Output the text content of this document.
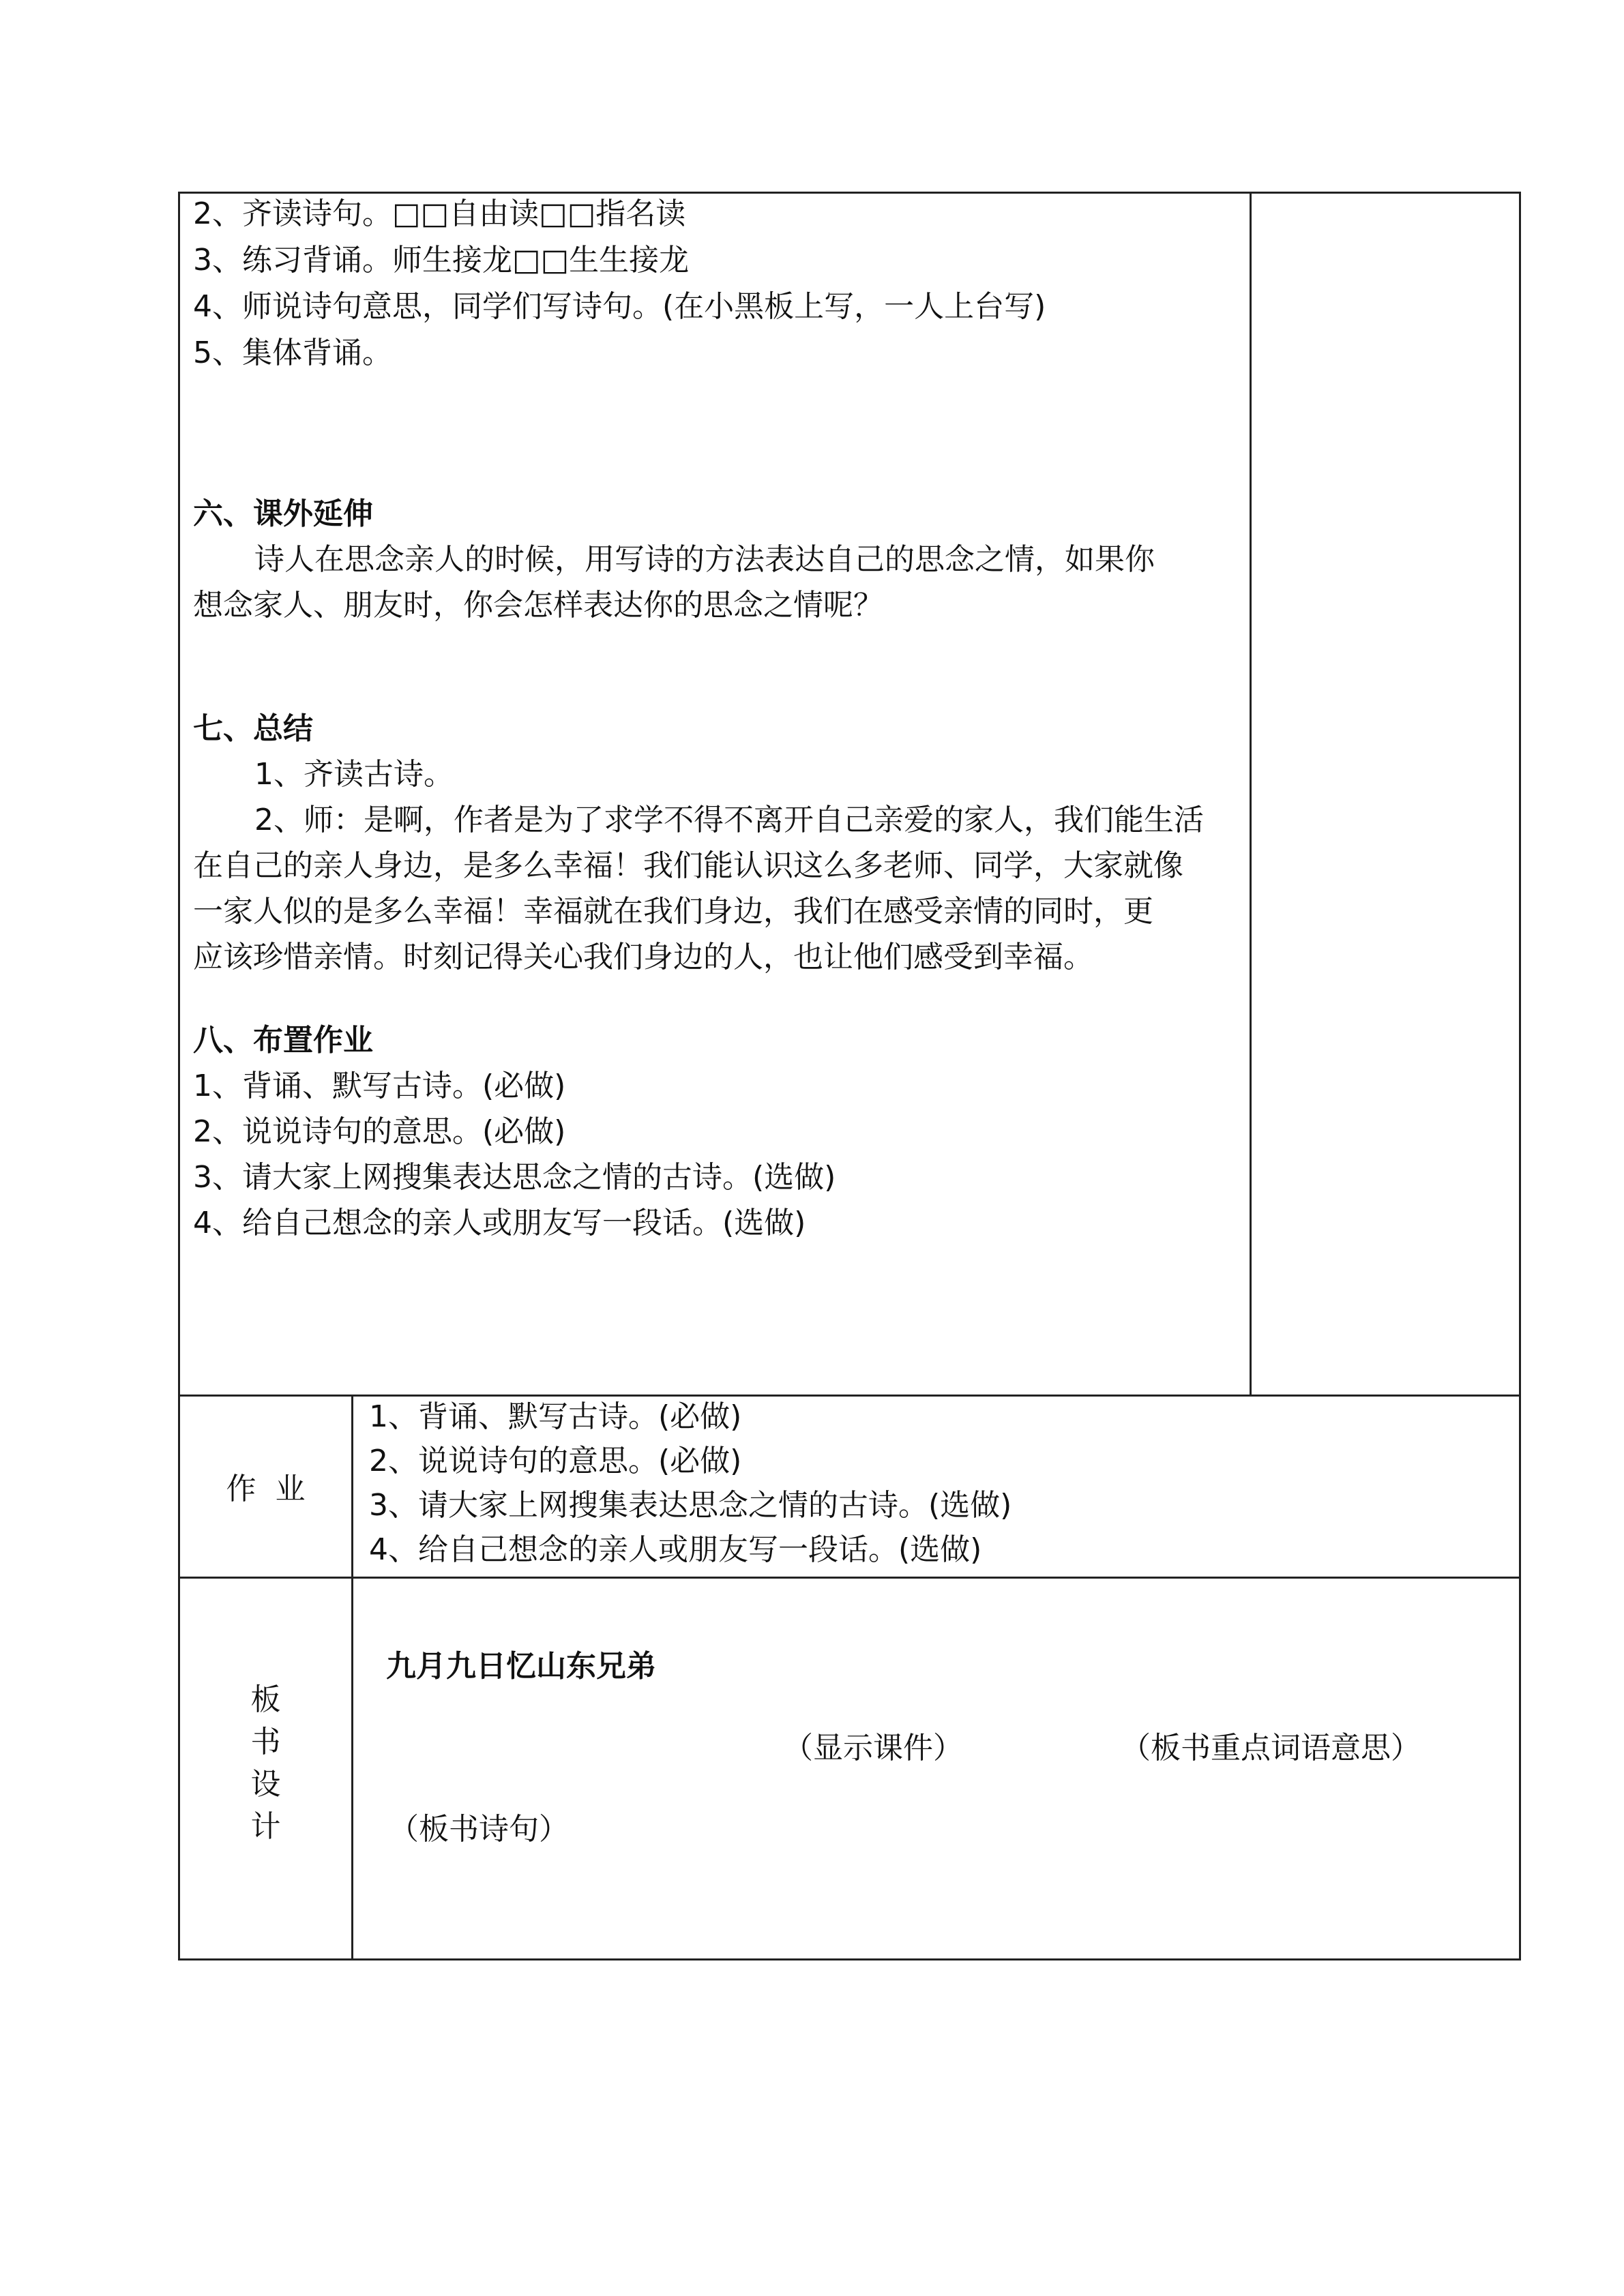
2、齐读诗句。□□自由读□□指名读
3、练习背诵。师生接龙□□生生接龙
4、师说诗句意思，同学们写诗句。(在小黑板上写，一人上台写)
5、集体背诵。
六、课外延伸
诗人在思念亲人的时候，用写诗的方法表达自己的思念之情，如果你
想念家人、朋友时，你会怎样表达你的思念之情呢？
七、总结
1、齐读古诗。
2、师：是啊，作者是为了求学不得不离开自己亲爱的家人，我们能生活
在自己的亲人身边，是多么幸福！我们能认识这么多老师、同学，大家就像
一家人似的是多么幸福！幸福就在我们身边，我们在感受亲情的同时，更
应该珍惜亲情。时刻记得关心我们身边的人，也让他们感受到幸福。
八、布置作业
1、背诵、默写古诗。(必做)
2、说说诗句的意思。(必做)
3、请大家上网搜集表达思念之情的古诗。(选做)
4、给自己想念的亲人或朋友写一段话。(选做)
作  业
1、背诵、默写古诗。(必做)
2、说说诗句的意思。(必做)
3、请大家上网搜集表达思念之情的古诗。(选做)
4、给自己想念的亲人或朋友写一段话。(选做)
板
书
设
计
九月九日忆山东兄弟
（显示课件）	（板书重点词语意思）
（板书诗句）
